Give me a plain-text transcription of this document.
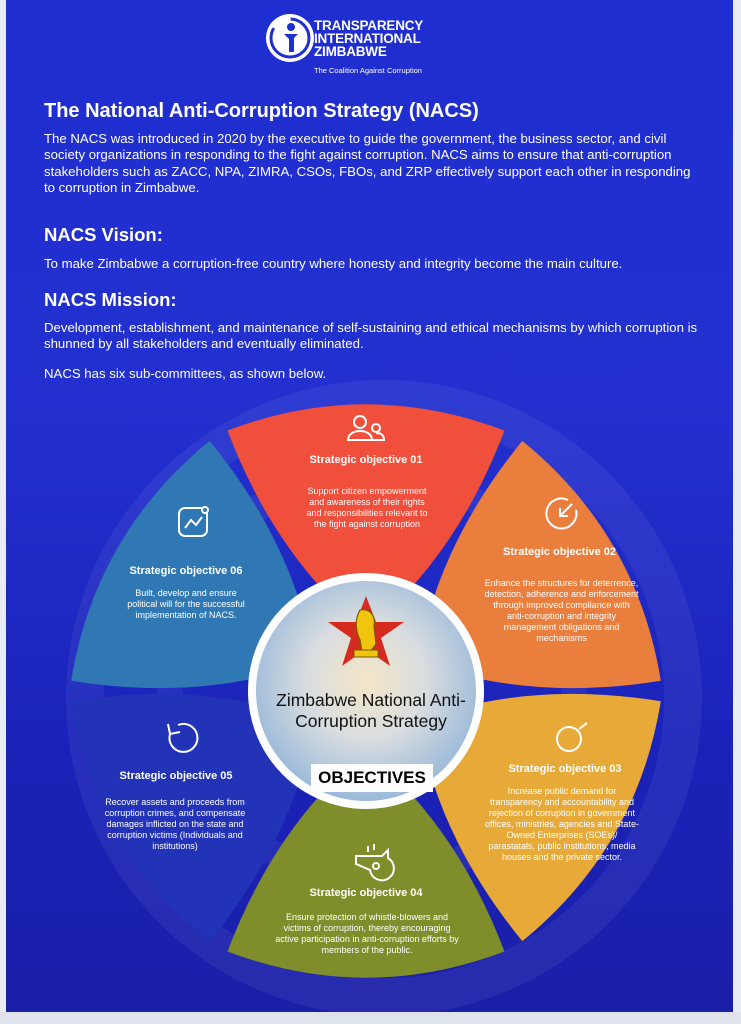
TRANSPARENCY
INTERNATIONAL
ZIMBABWE
The Coalition Against Corruption
The National Anti-Corruption Strategy (NACS)
The NACS was introduced in 2020 by the executive to guide the government, the business sector, and civil society organizations in responding to the fight against corruption. NACS aims to ensure that anti-corruption stakeholders such as ZACC, NPA, ZIMRA, CSOs, FBOs, and ZRP effectively support each other in responding to corruption in Zimbabwe.
NACS Vision:
To make Zimbabwe a corruption-free country where honesty and integrity become the main culture.
NACS Mission:
Development, establishment, and maintenance of self-sustaining and ethical mechanisms by which corruption is shunned by all stakeholders and eventually eliminated.
NACS has six sub-committees, as shown below.
Zimbabwe National Anti-Corruption Strategy
OBJECTIVES
Strategic objective 01
Support citizen empowerment and awareness of their rights and responsibilities relevant to the fight against corruption
Strategic objective 02
Enhance the structures for deterrence, detection, adherence and enforcement through improved compliance with anti-corruption and integrity management obligations and mechanisms
Strategic objective 03
Increase public demand for transparency and accountability and rejection of corruption in government offices, ministries, agencies and State-Owned Enterprises (SOEs)/ parastatals, public institutions, media houses and the private sector.
Strategic objective 04
Ensure protection of whistle-blowers and victims of corruption, thereby encouraging active participation in anti-corruption efforts by members of the public.
Strategic objective 05
Recover assets and proceeds from corruption crimes, and compensate damages inflicted on the state and corruption victims (Individuals and institutions)
Strategic objective 06
Built, develop and ensure political will for the successful implementation of NACS.
